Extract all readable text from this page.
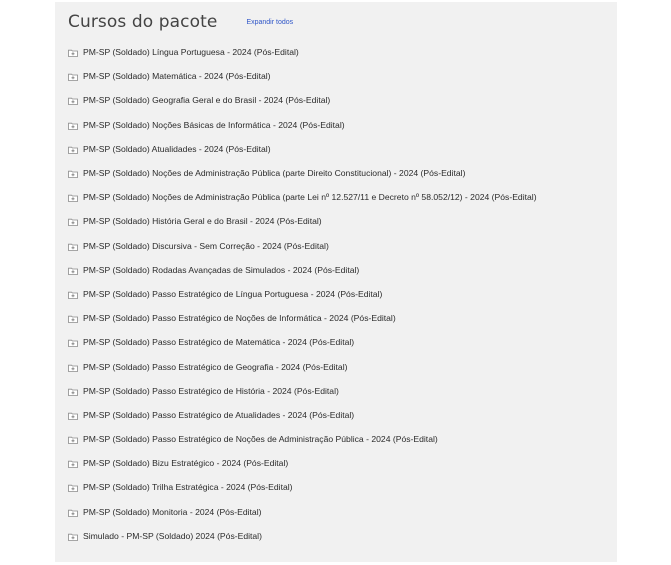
Cursos do pacote	Expandir todos
PM-SP (Soldado) Língua Portuguesa - 2024 (Pós-Edital)
PM-SP (Soldado) Matemática - 2024 (Pós-Edital)
PM-SP (Soldado) Geografia Geral e do Brasil - 2024 (Pós-Edital)
PM-SP (Soldado) Noções Básicas de Informática - 2024 (Pós-Edital)
PM-SP (Soldado) Atualidades - 2024 (Pós-Edital)
PM-SP (Soldado) Noções de Administração Pública (parte Direito Constitucional) - 2024 (Pós-Edital)
PM-SP (Soldado) Noções de Administração Pública (parte Lei nº 12.527/11 e Decreto nº 58.052/12) - 2024 (Pós-Edital)
PM-SP (Soldado) História Geral e do Brasil - 2024 (Pós-Edital)
PM-SP (Soldado) Discursiva - Sem Correção - 2024 (Pós-Edital)
PM-SP (Soldado) Rodadas Avançadas de Simulados - 2024 (Pós-Edital)
PM-SP (Soldado) Passo Estratégico de Língua Portuguesa - 2024 (Pós-Edital)
PM-SP (Soldado) Passo Estratégico de Noções de Informática - 2024 (Pós-Edital)
PM-SP (Soldado) Passo Estratégico de Matemática - 2024 (Pós-Edital)
PM-SP (Soldado) Passo Estratégico de Geografia - 2024 (Pós-Edital)
PM-SP (Soldado) Passo Estratégico de História - 2024 (Pós-Edital)
PM-SP (Soldado) Passo Estratégico de Atualidades - 2024 (Pós-Edital)
PM-SP (Soldado) Passo Estratégico de Noções de Administração Pública - 2024 (Pós-Edital)
PM-SP (Soldado) Bizu Estratégico - 2024 (Pós-Edital)
PM-SP (Soldado) Trilha Estratégica - 2024 (Pós-Edital)
PM-SP (Soldado) Monitoria - 2024 (Pós-Edital)
Simulado - PM-SP (Soldado) 2024 (Pós-Edital)
